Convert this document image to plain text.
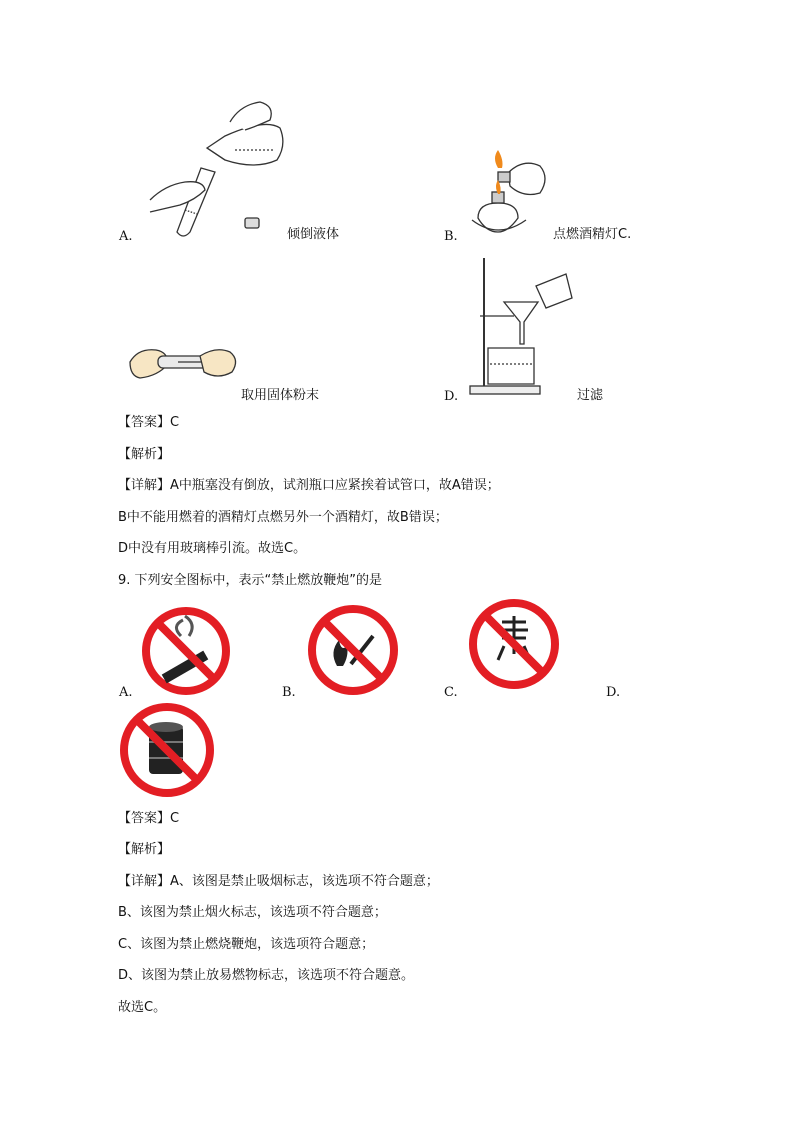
A.	倾倒液体	B.	点燃酒精灯C.
取用固体粉末	D.	过滤
【答案】C
【解析】
【详解】A中瓶塞没有倒放，试剂瓶口应紧挨着试管口，故A错误；
B中不能用燃着的酒精灯点燃另外一个酒精灯，故B错误；
D中没有用玻璃棒引流。故选C。
9. 下列安全图标中，表示“禁止燃放鞭炮”的是
A.	B.	C.	D.
【答案】C
【解析】
【详解】A、该图是禁止吸烟标志，该选项不符合题意；
B、该图为禁止烟火标志，该选项不符合题意；
C、该图为禁止燃烧鞭炮，该选项符合题意；
D、该图为禁止放易燃物标志，该选项不符合题意。
故选C。
